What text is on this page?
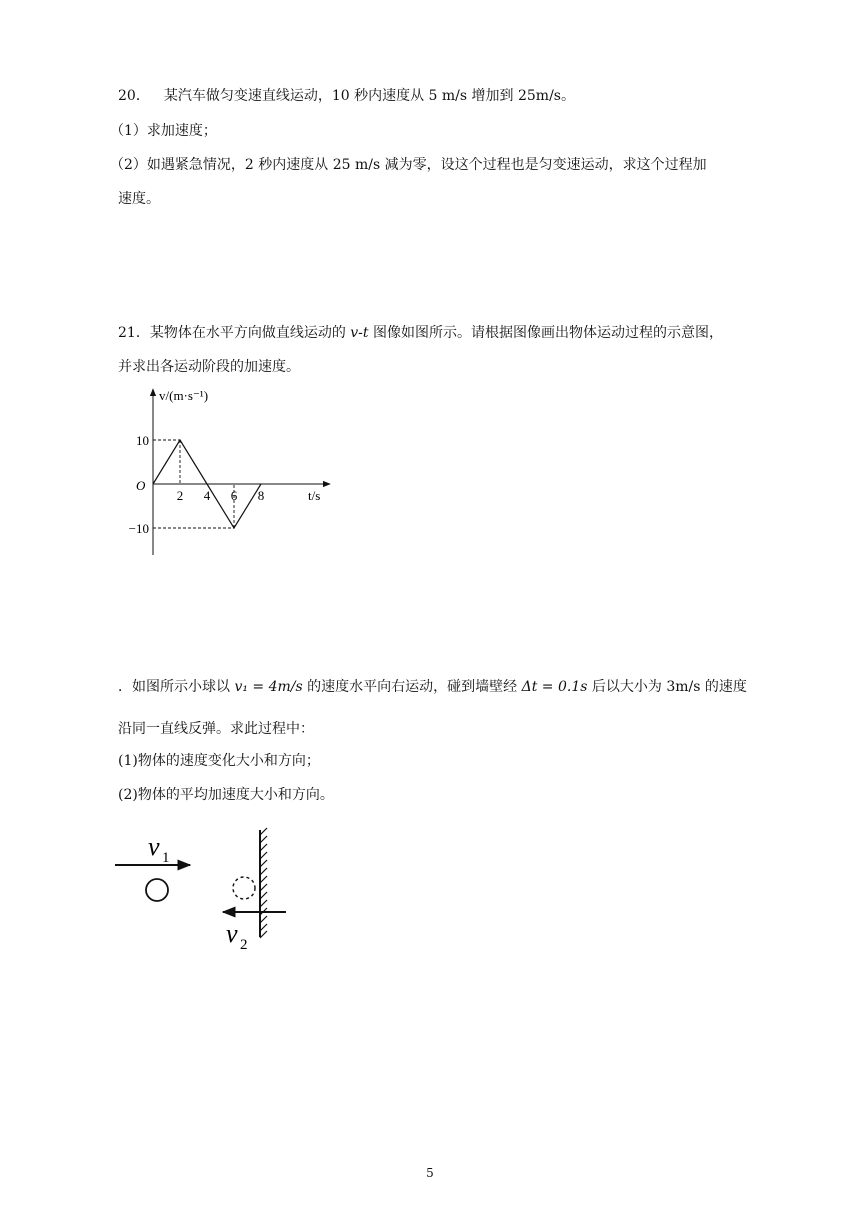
20． 某汽车做匀变速直线运动，10 秒内速度从 5 m/s 增加到 25m/s。
（1）求加速度；
（2）如遇紧急情况，2 秒内速度从 25 m/s 减为零，设这个过程也是匀变速运动，求这个过程加
速度。
21．某物体在水平方向做直线运动的 v-t 图像如图所示。请根据图像画出物体运动过程的示意图，
并求出各运动阶段的加速度。
v/(m·s⁻¹)
t/s
O
2 4 6 8
10
−10
．如图所示小球以 v₁ = 4m/s 的速度水平向右运动，碰到墙壁经 Δt = 0.1s 后以大小为 3m/s 的速度
沿同一直线反弹。求此过程中：
(1)物体的速度变化大小和方向；
(2)物体的平均加速度大小和方向。
v 1
v 2
5
